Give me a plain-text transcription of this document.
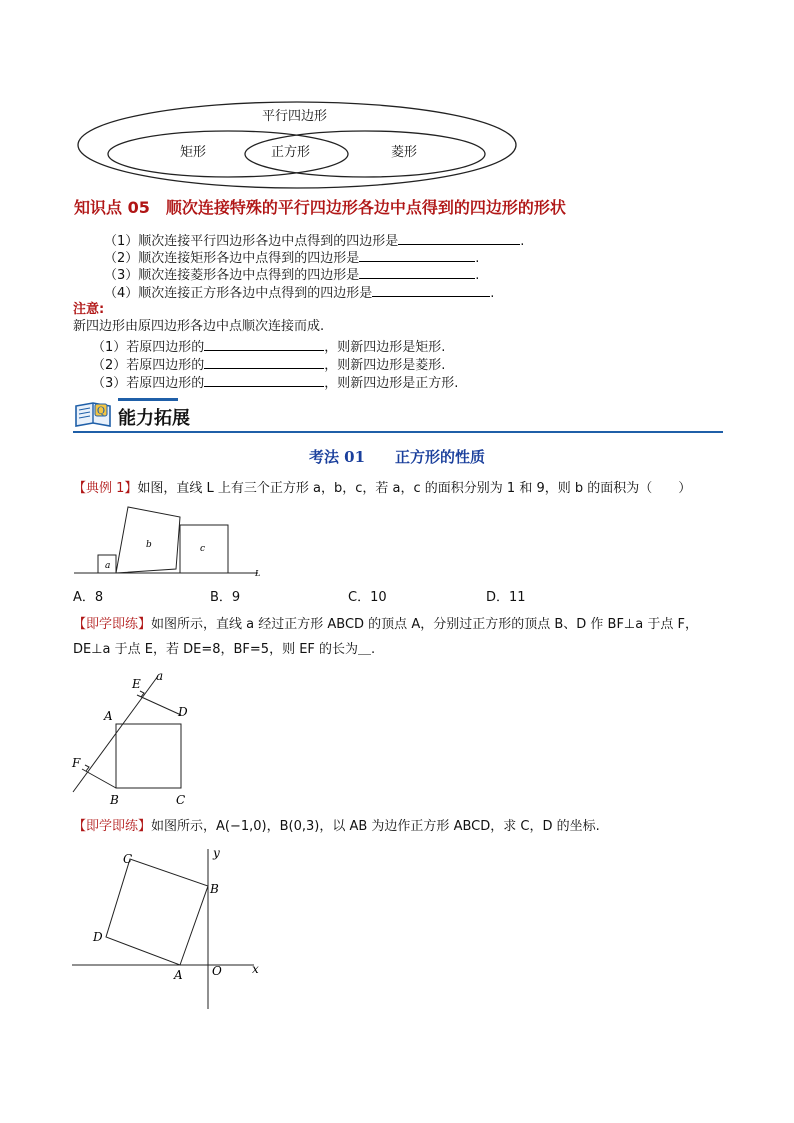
平行四边形
矩形	正方形	菱形
知识点 05　顺次连接特殊的平行四边形各边中点得到的四边形的形状
（1）顺次连接平行四边形各边中点得到的四边形是	.
（2）顺次连接矩形各边中点得到的四边形是	.
（3）顺次连接菱形各边中点得到的四边形是	.
（4）顺次连接正方形各边中点得到的四边形是	.
注意:
新四边形由原四边形各边中点顺次连接而成.
（1）若原四边形的	，则新四边形是矩形.
（2）若原四边形的	，则新四边形是菱形.
（3）若原四边形的	，则新四边形是正方形.
Q 能力拓展
考法 01　　正方形的性质
【典例 1】如图，直线 L 上有三个正方形 a，b，c，若 a，c 的面积分别为 1 和 9，则 b 的面积为（　　）
a
b	c
L
A．8	B．9	C．10	D．11
【即学即练】如图所示，直线 a 经过正方形 ABCD 的顶点 A，分别过正方形的顶点 B、D 作 BF⊥a 于点 F，
DE⊥a 于点 E，若 DE=8，BF=5，则 EF 的长为＿.
E
a
A	D
F
B	C
【即学即练】如图所示，A(−1,0)，B(0,3)，以 AB 为边作正方形 ABCD，求 C，D 的坐标.
C	y
B
D
A O	x
